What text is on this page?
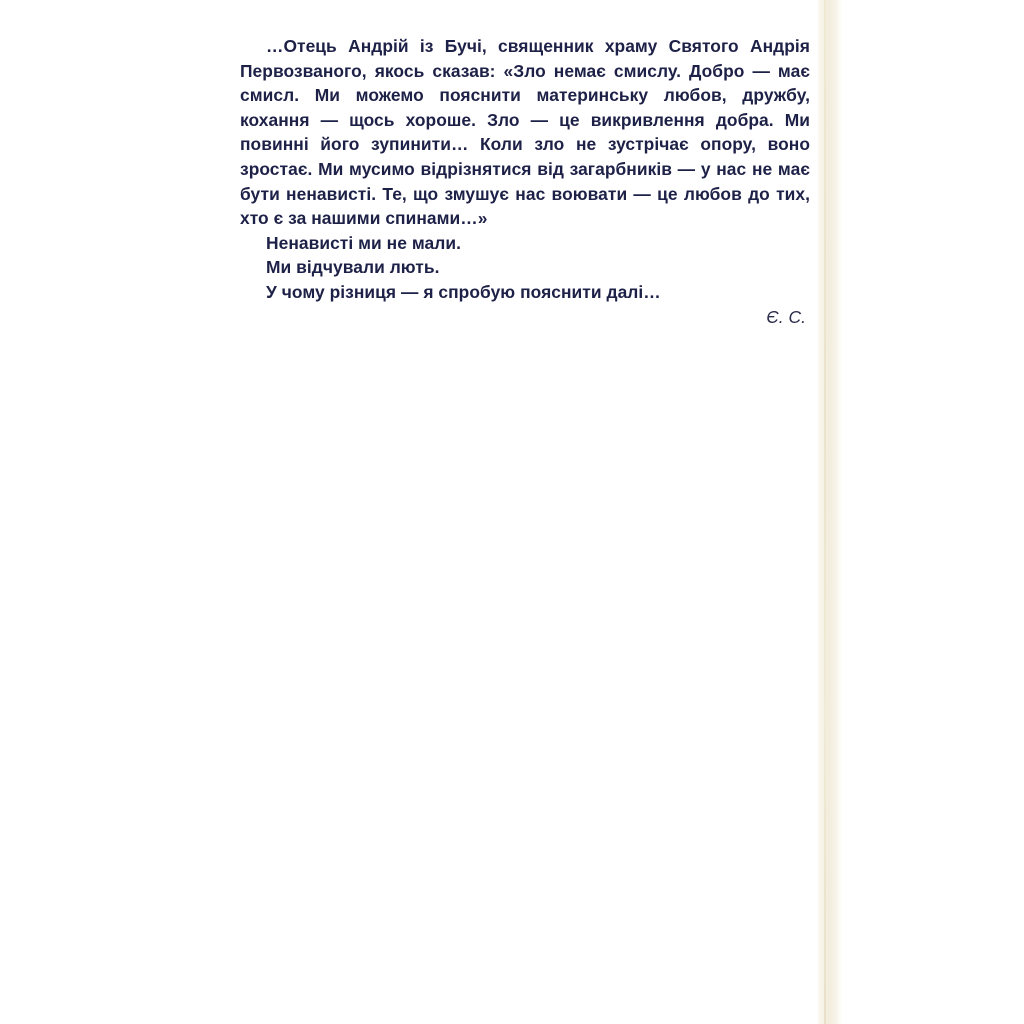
…Отець Андрій із Бучі, священник храму Святого Андрія Первозваного, якось сказав: «Зло немає смислу. Добро — має смисл. Ми можемо пояснити материнську любов, дружбу, кохання — щось хороше. Зло — це викривлення добра. Ми повинні його зупинити… Коли зло не зустрічає опору, воно зростає. Ми мусимо відрізнятися від загарбників — у нас не має бути ненависті. Те, що змушує нас воювати — це любов до тих, хто є за нашими спинами…»

Ненависті ми не мали.

Ми відчували лють.

У чому різниця — я спробую пояснити далі…

Є. С.
